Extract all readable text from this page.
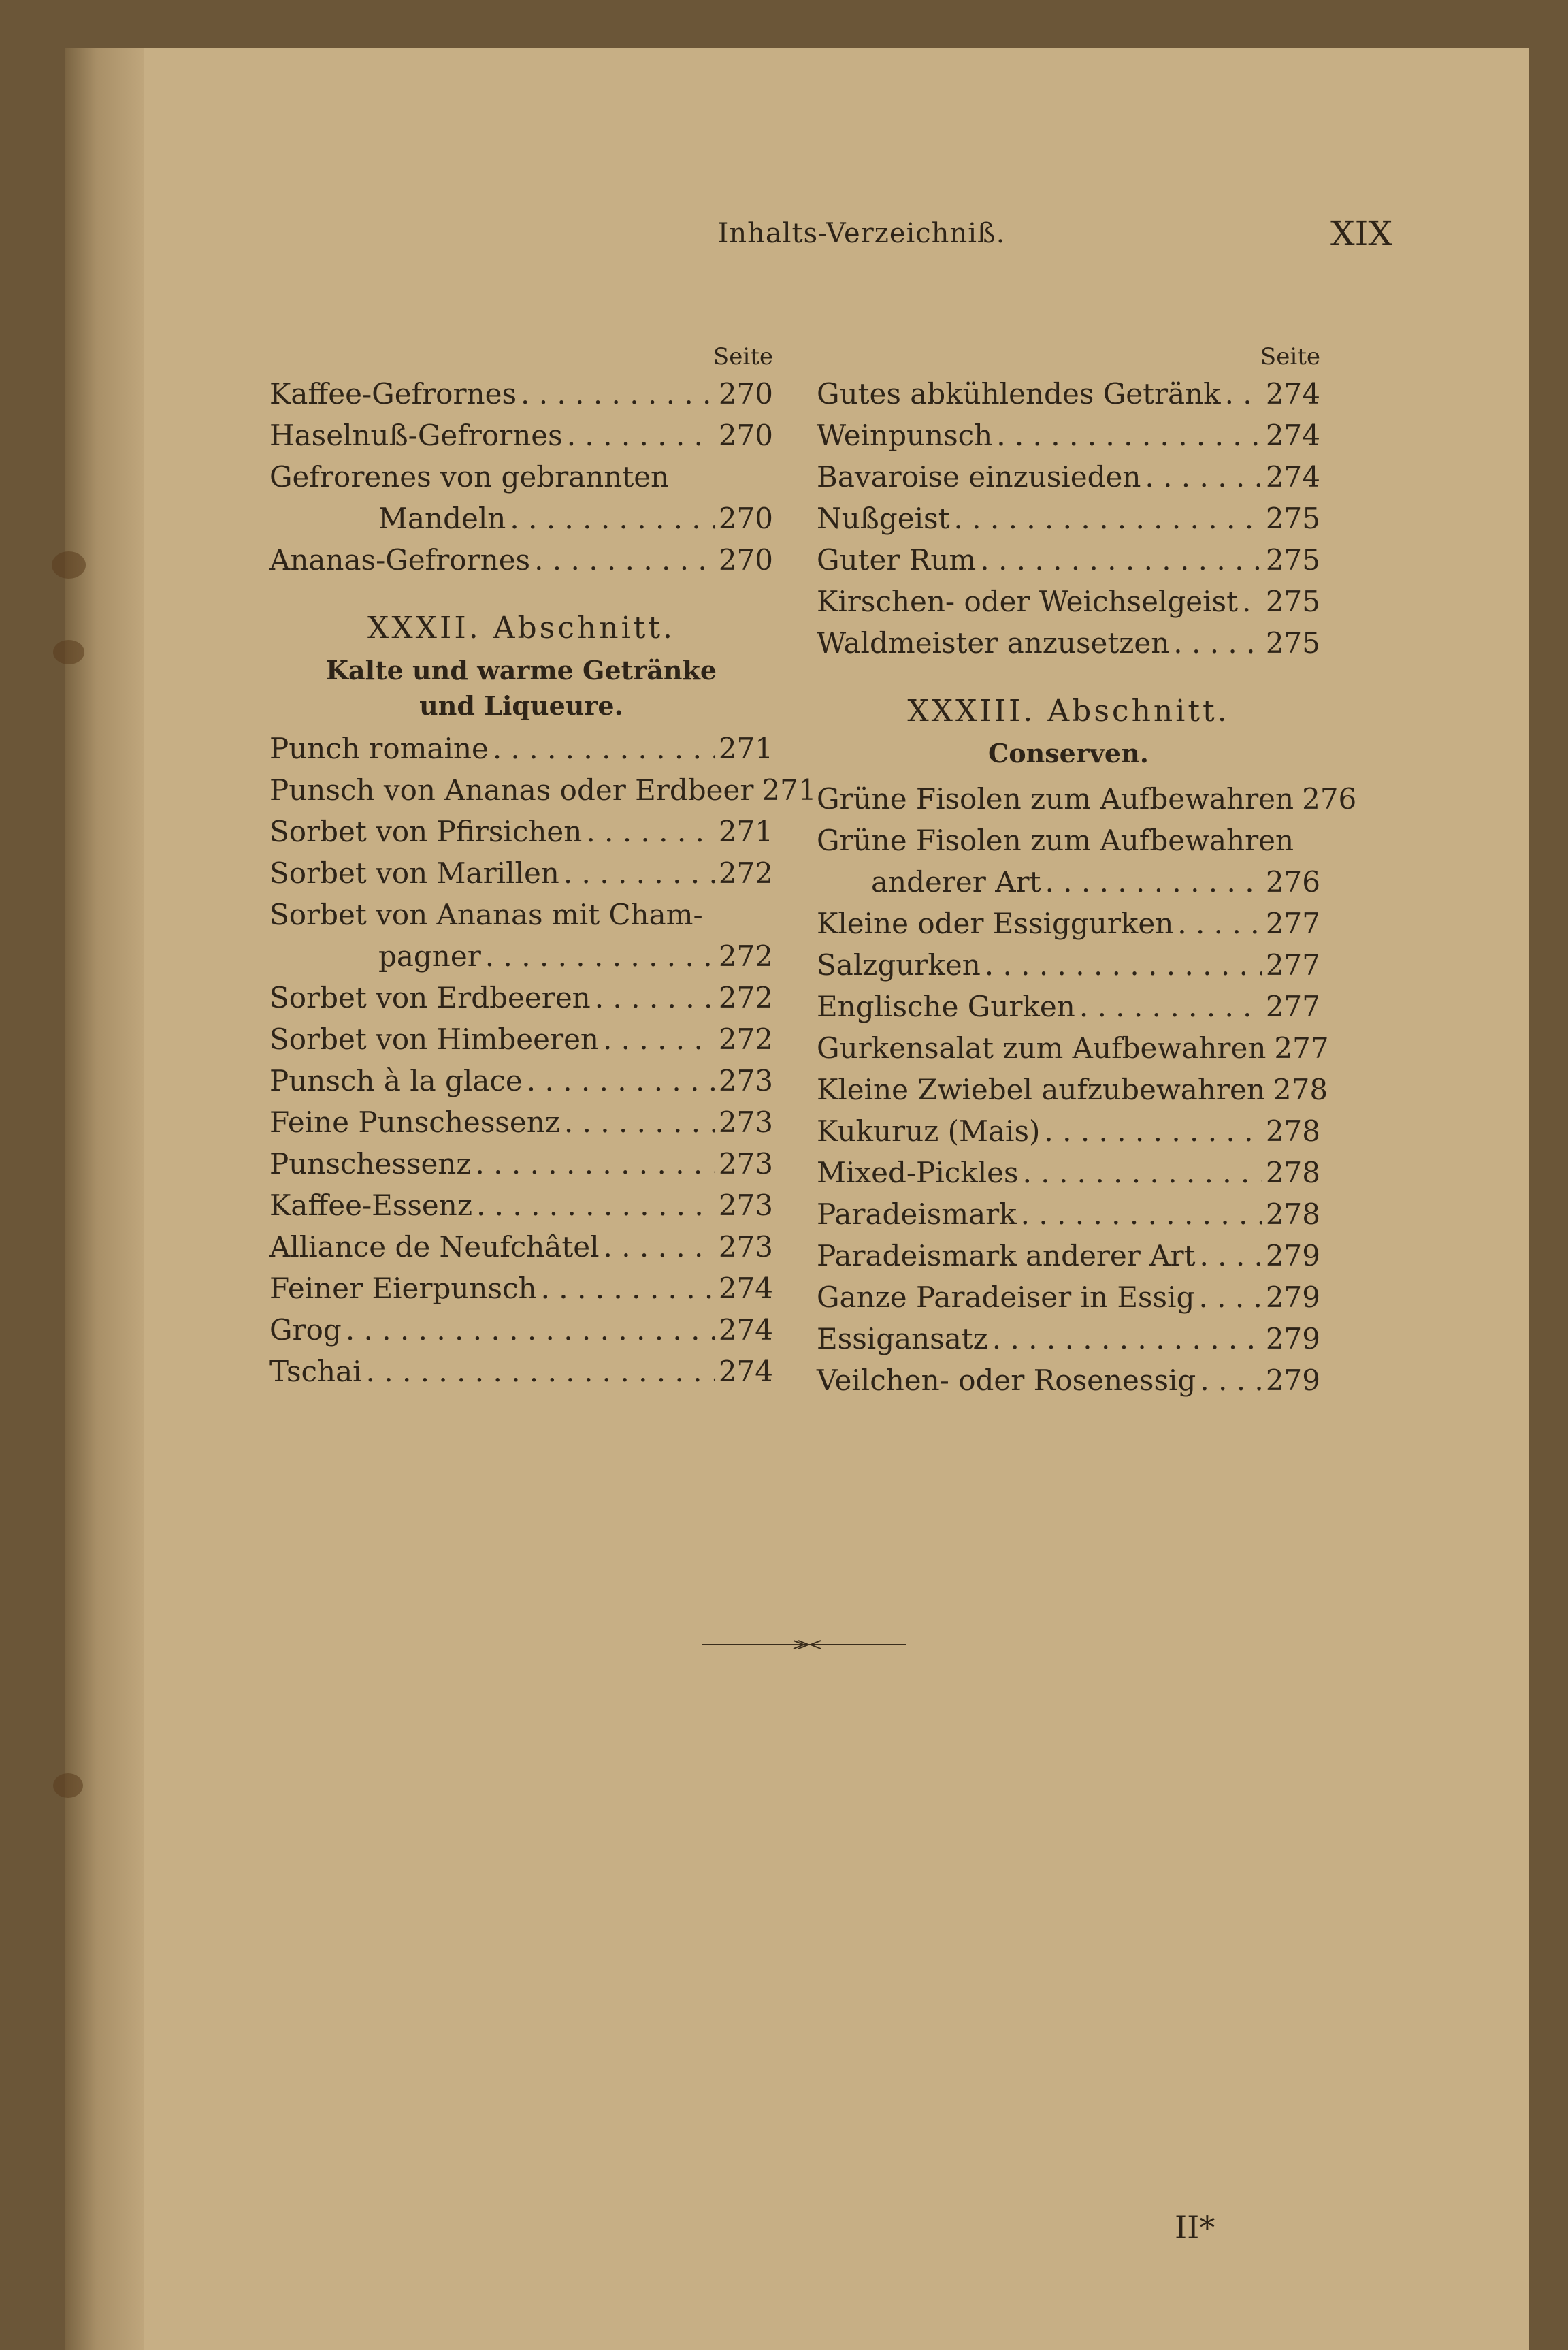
Inhalts-Verzeichniß.	XIX
Seite
Kaffee-Gefrornes . . .	270
Haselnuß-Gefrornes . . .	270
Gefrorenes von gebrannten
Mandeln . . .	270
Ananas-Gefrornes . . .	270
XXXII. Abschnitt.
Kalte und warme Getränke
und Liqueure.
Punch romaine . . .	271
Punsch von Ananas oder Erdbeer 271
Sorbet von Pfirsichen . . .	271
Sorbet von Marillen . . .	272
Sorbet von Ananas mit Cham-
pagner . . .	272
Sorbet von Erdbeeren . . .	272
Sorbet von Himbeeren . . .	272
Punsch à la glace . . .	273
Feine Punschessenz . . .	273
Punschessenz . . .	273
Kaffee-Essenz . . .	273
Alliance de Neufchâtel . . .	273
Feiner Eierpunsch . . .	274
Grog . . .	274
Tschai . . .	274
Seite
Gutes abkühlendes Getränk . . . 274
Weinpunsch . . .	274
Bavaroise einzusieden . . .	274
Nußgeist . . .	275
Guter Rum . . .	275
Kirschen- oder Weichselgeist . . . 275
Waldmeister anzusetzen . . .	275
XXXIII. Abschnitt.
Conserven.
Grüne Fisolen zum Aufbewahren 276
Grüne Fisolen zum Aufbewahren
anderer Art . . .	276
Kleine oder Essiggurken . . .	277
Salzgurken . . .	277
Englische Gurken . . .	277
Gurkensalat zum Aufbewahren 277
Kleine Zwiebel aufzubewahren 278
Kukuruz (Mais) . . .	278
Mixed-Pickles . . .	278
Paradeismark . . .	278
Paradeismark anderer Art . . . 279
Ganze Paradeiser in Essig . . . 279
Essigansatz . . .	279
Veilchen- oder Rosenessig . . . 279
II*
